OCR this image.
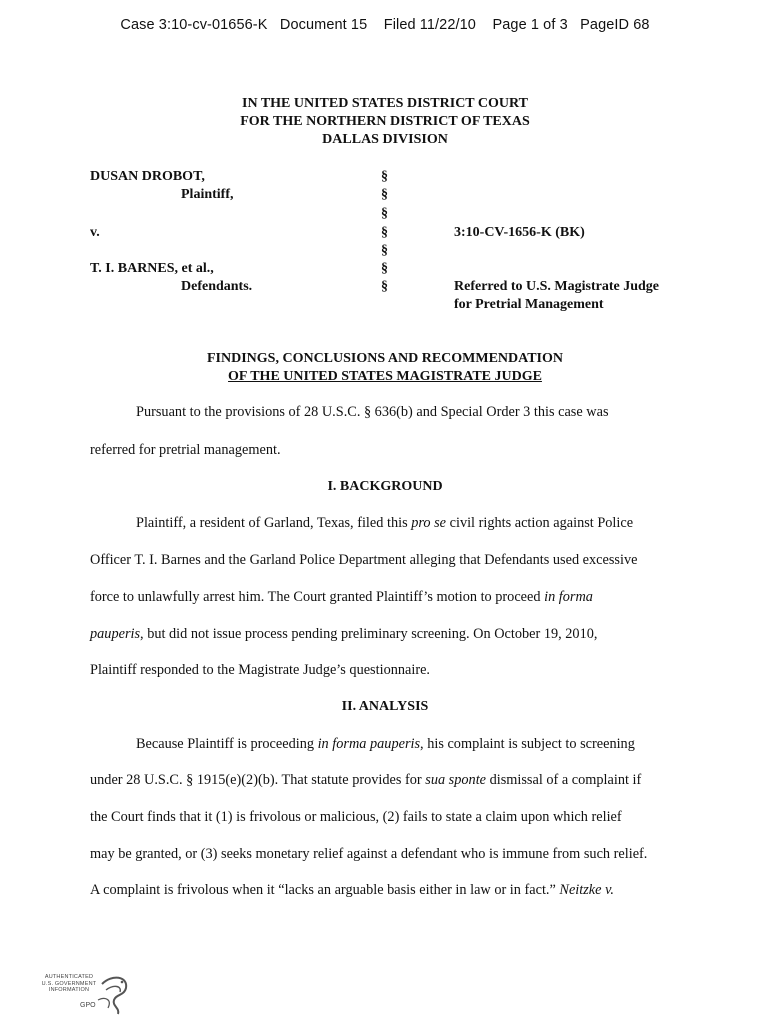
Case 3:10-cv-01656-K   Document 15    Filed 11/22/10    Page 1 of 3   PageID 68
IN THE UNITED STATES DISTRICT COURT
FOR THE NORTHERN DISTRICT OF TEXAS
DALLAS DIVISION
DUSAN DROBOT,
Plaintiff,
v.
T. I. BARNES, et al.,
Defendants.
§
§
§
§
§
§
§
3:10-CV-1656-K (BK)
Referred to U.S. Magistrate Judge
for Pretrial Management
FINDINGS, CONCLUSIONS AND RECOMMENDATION
OF THE UNITED STATES MAGISTRATE JUDGE
Pursuant to the provisions of 28 U.S.C. § 636(b) and Special Order 3 this case was
referred for pretrial management.
I. BACKGROUND
Plaintiff, a resident of Garland, Texas, filed this pro se civil rights action against Police
Officer T. I. Barnes and the Garland Police Department alleging that Defendants used excessive
force to unlawfully arrest him. The Court granted Plaintiff’s motion to proceed in forma
pauperis, but did not issue process pending preliminary screening. On October 19, 2010,
Plaintiff responded to the Magistrate Judge’s questionnaire.
II. ANALYSIS
Because Plaintiff is proceeding in forma pauperis, his complaint is subject to screening
under 28 U.S.C. § 1915(e)(2)(b). That statute provides for sua sponte dismissal of a complaint if
the Court finds that it (1) is frivolous or malicious, (2) fails to state a claim upon which relief
may be granted, or (3) seeks monetary relief against a defendant who is immune from such relief.
A complaint is frivolous when it “lacks an arguable basis either in law or in fact.” Neitzke v.
AUTHENTICATED
U.S. GOVERNMENT
INFORMATION
GPO
